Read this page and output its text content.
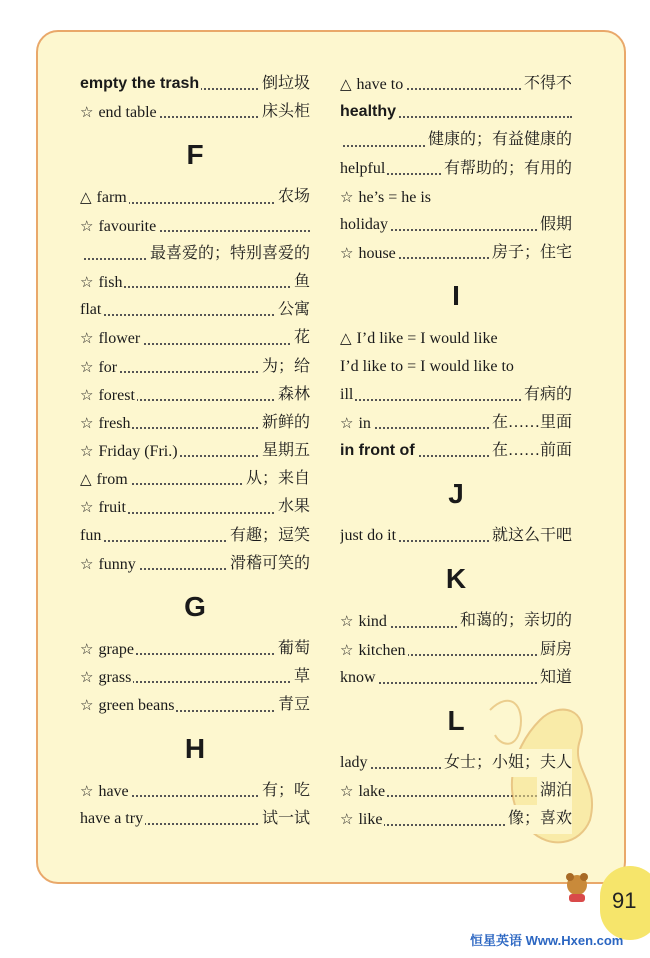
empty the trash	倒垃圾
☆ end table	床头柜
F
△ farm	农场
☆ favourite
最喜爱的；特别喜爱的
☆ fish	鱼
flat	公寓
☆ flower	花
☆ for	为；给
☆ forest	森林
☆ fresh	新鲜的
☆ Friday (Fri.)	星期五
△ from	从；来自
☆ fruit	水果
fun	有趣；逗笑
☆ funny	滑稽可笑的
G
☆ grape	葡萄
☆ grass	草
☆ green beans	青豆
H
☆ have	有；吃
have a try	试一试
△ have to	不得不
healthy
健康的；有益健康的
helpful	有帮助的；有用的
☆ he’s = he is
holiday	假期
☆ house	房子；住宅
I
△ I’d like = I would like
I’d like to = I would like to
ill	有病的
☆ in	在……里面
in front of	在……前面
J
just do it	就这么干吧
K
☆ kind	和蔼的；亲切的
☆ kitchen	厨房
know	知道
L
lady	女士；小姐；夫人
☆ lake	湖泊
☆ like	像；喜欢
91
恒星英语 Www.Hxen.com
